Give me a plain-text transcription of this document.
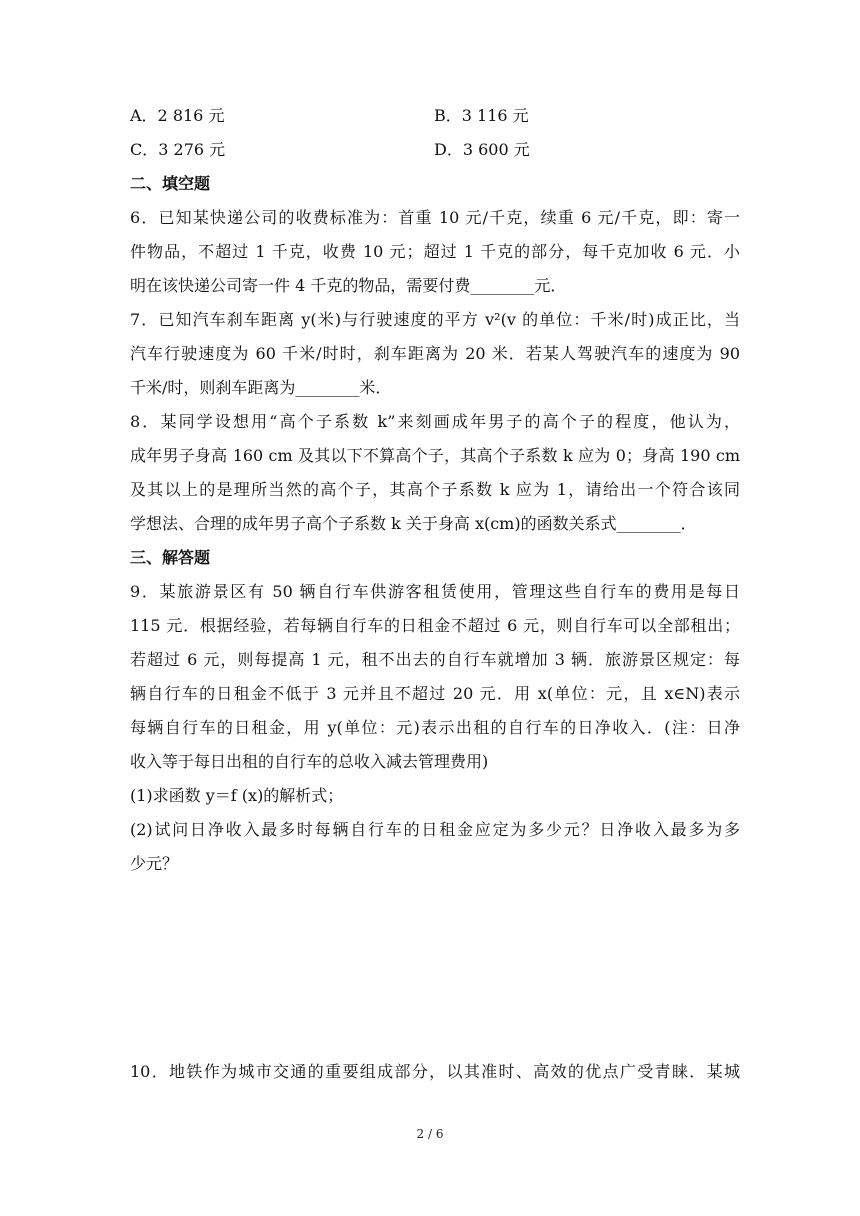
A．2 816 元	B．3 116 元
C．3 276 元	D．3 600 元
二、填空题
6．已知某快递公司的收费标准为：首重 10 元/千克，续重 6 元/千克，即：寄一
件物品，不超过 1 千克，收费 10 元；超过 1 千克的部分，每千克加收 6 元．小
明在该快递公司寄一件 4 千克的物品，需要付费________元．
7．已知汽车刹车距离 y(米)与行驶速度的平方 v²(v 的单位：千米/时)成正比，当
汽车行驶速度为 60 千米/时时，刹车距离为 20 米．若某人驾驶汽车的速度为 90
千米/时，则刹车距离为________米．
8．某同学设想用“高个子系数 k”来刻画成年男子的高个子的程度，他认为，
成年男子身高 160 cm 及其以下不算高个子，其高个子系数 k 应为 0；身高 190 cm
及其以上的是理所当然的高个子，其高个子系数 k 应为 1，请给出一个符合该同
学想法、合理的成年男子高个子系数 k 关于身高 x(cm)的函数关系式________．
三、解答题
9．某旅游景区有 50 辆自行车供游客租赁使用，管理这些自行车的费用是每日
115 元．根据经验，若每辆自行车的日租金不超过 6 元，则自行车可以全部租出；
若超过 6 元，则每提高 1 元，租不出去的自行车就增加 3 辆．旅游景区规定：每
辆自行车的日租金不低于 3 元并且不超过 20 元．用 x(单位：元，且 x∈N)表示
每辆自行车的日租金，用 y(单位：元)表示出租的自行车的日净收入．(注：日净
收入等于每日出租的自行车的总收入减去管理费用)
(1)求函数 y＝f (x)的解析式；
(2)试问日净收入最多时每辆自行车的日租金应定为多少元？日净收入最多为多
少元？
10．地铁作为城市交通的重要组成部分，以其准时、高效的优点广受青睐．某城
2 / 6
